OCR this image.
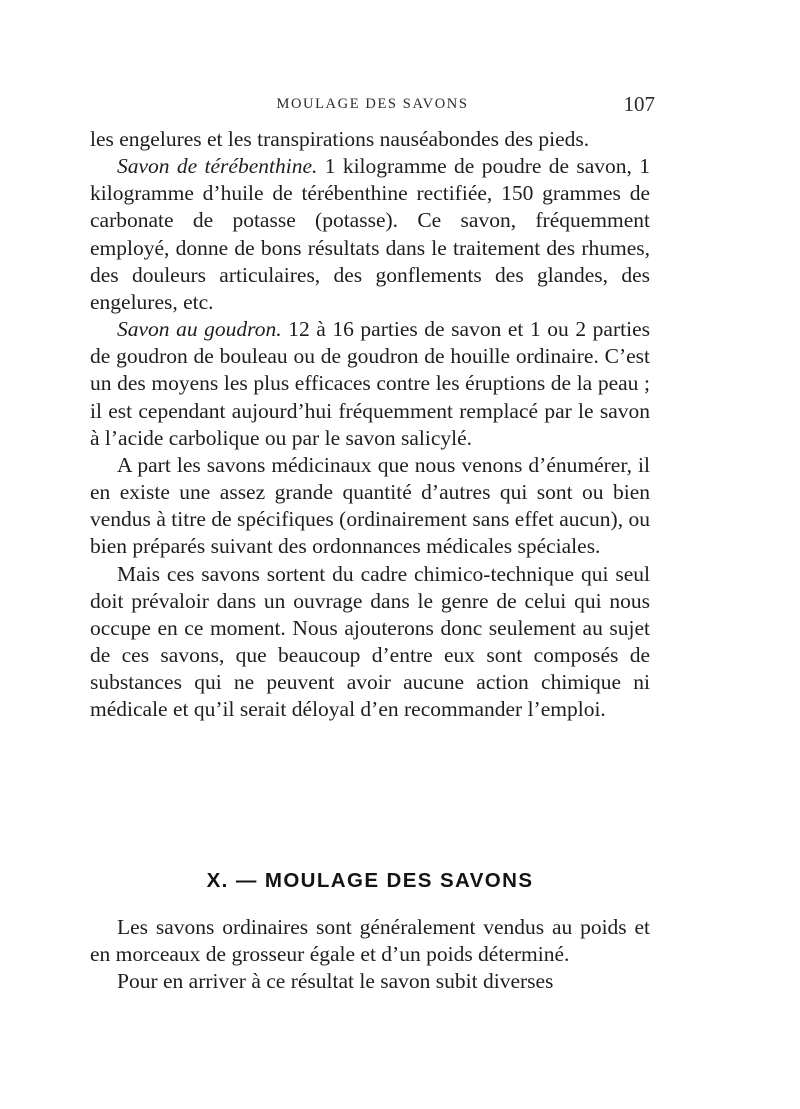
MOULAGE DES SAVONS	107

les engelures et les transpirations nauséabondes des pieds.

Savon de térébenthine. 1 kilogramme de poudre de savon, 1 kilogramme d’huile de térébenthine rectifiée, 150 grammes de carbonate de potasse (potasse). Ce savon, fréquemment employé, donne de bons résultats dans le traitement des rhumes, des douleurs articulaires, des gonflements des glandes, des engelures, etc.

Savon au goudron. 12 à 16 parties de savon et 1 ou 2 parties de goudron de bouleau ou de goudron de houille ordinaire. C’est un des moyens les plus efficaces contre les éruptions de la peau ; il est cependant aujourd’hui fréquemment remplacé par le savon à l’acide carbolique ou par le savon salicylé.

A part les savons médicinaux que nous venons d’énumérer, il en existe une assez grande quantité d’autres qui sont ou bien vendus à titre de spécifiques (ordinairement sans effet aucun), ou bien préparés suivant des ordonnances médicales spéciales.

Mais ces savons sortent du cadre chimico-technique qui seul doit prévaloir dans un ouvrage dans le genre de celui qui nous occupe en ce moment. Nous ajouterons donc seulement au sujet de ces savons, que beaucoup d’entre eux sont composés de substances qui ne peuvent avoir aucune action chimique ni médicale et qu’il serait déloyal d’en recommander l’emploi.

X. — MOULAGE DES SAVONS

Les savons ordinaires sont généralement vendus au poids et en morceaux de grosseur égale et d’un poids déterminé.

Pour en arriver à ce résultat le savon subit diverses
